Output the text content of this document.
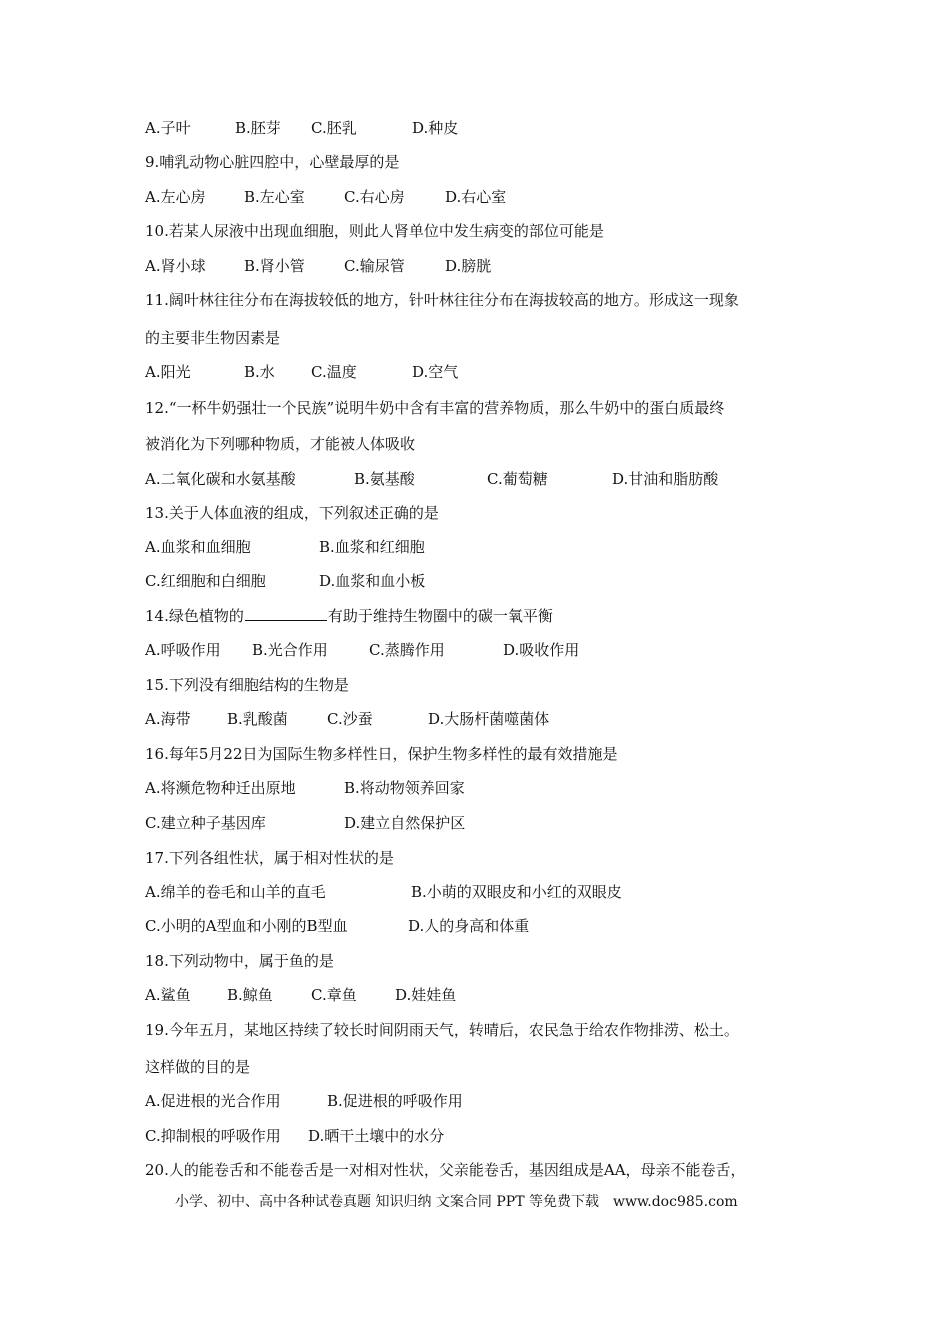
A.子叶	B.胚芽 C.胚乳	D.种皮
9.哺乳动物心脏四腔中，心壁最厚的是
A.左心房	B.左心室	C.右心房	D.右心室
10.若某人尿液中出现血细胞，则此人肾单位中发生病变的部位可能是
A.肾小球	B.肾小管	C.输尿管	D.膀胱
11.阔叶林往往分布在海拔较低的地方，针叶林往往分布在海拔较高的地方。形成这一现象
的主要非生物因素是
A.阳光	B.水 C.温度	D.空气
12.“一杯牛奶强壮一个民族”说明牛奶中含有丰富的营养物质，那么牛奶中的蛋白质最终
被消化为下列哪种物质，才能被人体吸收
A.二氧化碳和水氨基酸	B.氨基酸	C.葡萄糖	D.甘油和脂肪酸
13.关于人体血液的组成，下列叙述正确的是
A.血浆和血细胞	B.血浆和红细胞
C.红细胞和白细胞	D.血浆和血小板
14.绿色植物的	有助于维持生物圈中的碳一氧平衡
A.呼吸作用 B.光合作用	C.蒸腾作用	D.吸收作用
15.下列没有细胞结构的生物是
A.海带 B.乳酸菌	C.沙蚕	D.大肠杆菌噬菌体
16.每年5月22日为国际生物多样性日，保护生物多样性的最有效措施是
A.将濒危物种迁出原地	B.将动物领养回家
C.建立种子基因库	D.建立自然保护区
17.下列各组性状，属于相对性状的是
A.绵羊的卷毛和山羊的直毛	B.小萌的双眼皮和小红的双眼皮
C.小明的A型血和小刚的B型血	D.人的身高和体重
18.下列动物中，属于鱼的是
A.鲨鱼 B.鲸鱼	C.章鱼	D.娃娃鱼
19.今年五月，某地区持续了较长时间阴雨天气，转晴后，农民急于给农作物排涝、松土。
这样做的目的是
A.促进根的光合作用	B.促进根的呼吸作用
C.抑制根的呼吸作用 D.晒干土壤中的水分
20.人的能卷舌和不能卷舌是一对相对性状，父亲能卷舌，基因组成是AA，母亲不能卷舌，
小学、初中、高中各种试卷真题 知识归纳 文案合同 PPT 等免费下载　www.doc985.com
